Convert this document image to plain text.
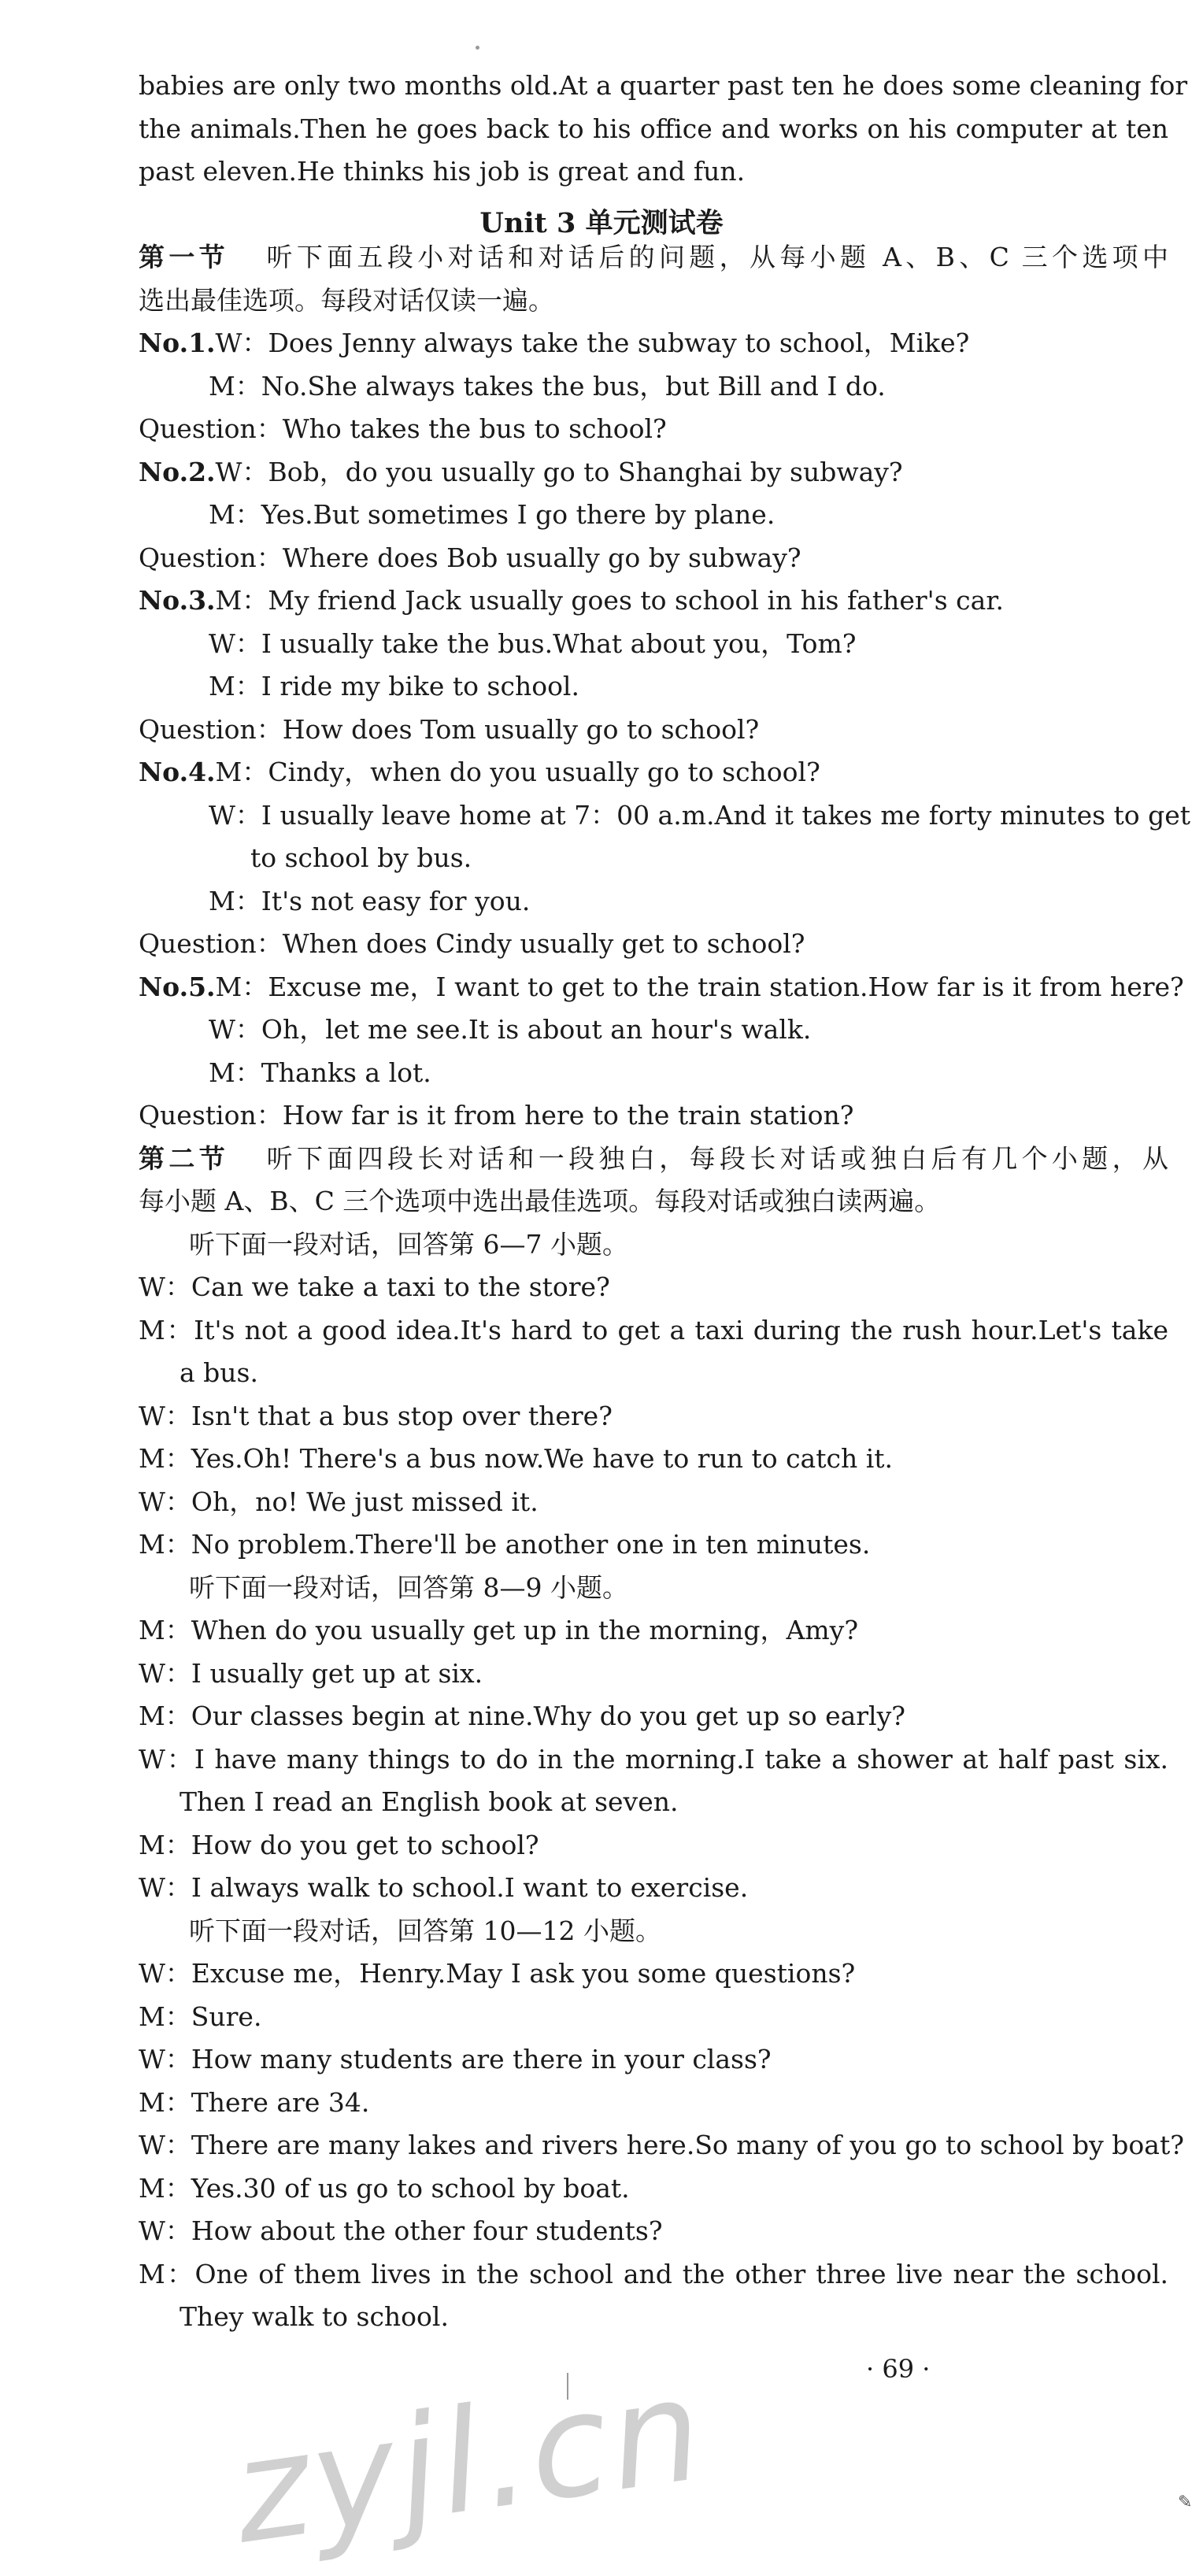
babies are only two months old.At a quarter past ten he does some cleaning for
the animals.Then he goes back to his office and works on his computer at ten
past eleven.He thinks his job is great and fun.
Unit 3 单元测试卷
第一节 听下面五段小对话和对话后的问题，从每小题 A、B、C 三个选项中
选出最佳选项。每段对话仅读一遍。
No.1.W：Does Jenny always take the subway to school，Mike?
M：No.She always takes the bus，but Bill and I do.
Question：Who takes the bus to school?
No.2.W：Bob，do you usually go to Shanghai by subway?
M：Yes.But sometimes I go there by plane.
Question：Where does Bob usually go by subway?
No.3.M：My friend Jack usually goes to school in his father's car.
W：I usually take the bus.What about you，Tom?
M：I ride my bike to school.
Question：How does Tom usually go to school?
No.4.M：Cindy，when do you usually go to school?
W：I usually leave home at 7：00 a.m.And it takes me forty minutes to get
to school by bus.
M：It's not easy for you.
Question：When does Cindy usually get to school?
No.5.M：Excuse me，I want to get to the train station.How far is it from here?
W：Oh，let me see.It is about an hour's walk.
M：Thanks a lot.
Question：How far is it from here to the train station?
第二节 听下面四段长对话和一段独白，每段长对话或独白后有几个小题，从
每小题 A、B、C 三个选项中选出最佳选项。每段对话或独白读两遍。
听下面一段对话，回答第 6—7 小题。
W：Can we take a taxi to the store?
M：It's not a good idea.It's hard to get a taxi during the rush hour.Let's take
a bus.
W：Isn't that a bus stop over there?
M：Yes.Oh! There's a bus now.We have to run to catch it.
W：Oh，no! We just missed it.
M：No problem.There'll be another one in ten minutes.
听下面一段对话，回答第 8—9 小题。
M：When do you usually get up in the morning，Amy?
W：I usually get up at six.
M：Our classes begin at nine.Why do you get up so early?
W：I have many things to do in the morning.I take a shower at half past six.
Then I read an English book at seven.
M：How do you get to school?
W：I always walk to school.I want to exercise.
听下面一段对话，回答第 10—12 小题。
W：Excuse me，Henry.May I ask you some questions?
M：Sure.
W：How many students are there in your class?
M：There are 34.
W：There are many lakes and rivers here.So many of you go to school by boat?
M：Yes.30 of us go to school by boat.
W：How about the other four students?
M：One of them lives in the school and the other three live near the school.
They walk to school.
· 69 ·
zyjl.cn	✎
